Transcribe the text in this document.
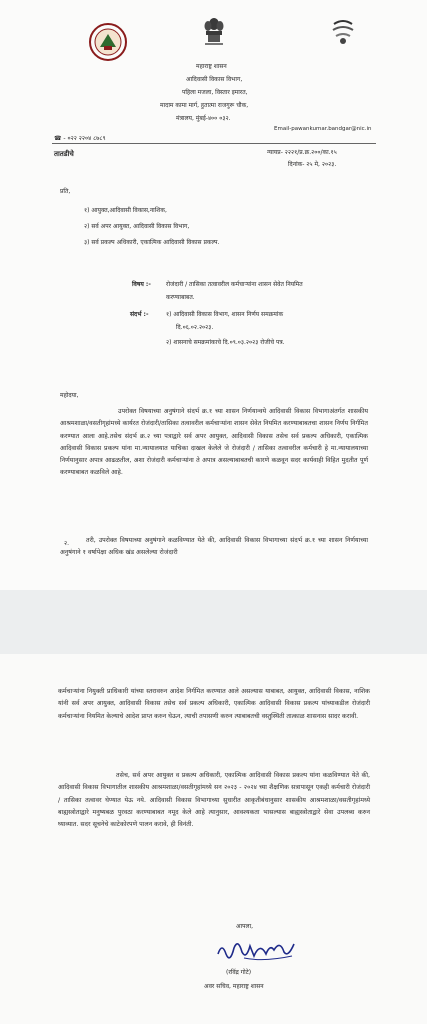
महाराष्ट्र शासन
आदिवासी विकास विभाग,
पहिला मजला, विस्तार इमारत,
मादाम कामा मार्ग, हुतात्मा राजगुरू चौक,
मंत्रालय, मुंबई-४०० ०३२.
Email-pawankumar.bandgar@nic.in
☎ - ०२२ २२०४ ८७८९
तातडीचे	न्यायप्र- २२२१/प्र.क्र.२००/का.१५
दिनांक- २५ मे, २०२३.
प्रति,
१) आयुक्त,आदिवासी विकास,नाशिक,
२) सर्व अपर आयुक्त, आदिवासी विकास विभाग,
३) सर्व प्रकल्प अधिकारी, एकात्मिक आदिवासी विकास प्रकल्प.
विषय :-	रोजंदारी / तासिका तत्वावरील कर्मचाऱ्यांना शासन सेवेत नियमित
करण्याबाबत.
संदर्भ :-	१) आदिवासी विकास विभाग, शासन निर्णय समक्रमांक
दि.०६.०२.२०२३.
२) शासनाचे समक्रमांकाचे दि.०९.०३.२०२३ रोजीचे पत्र.
महोदया,
उपरोक्त विषयाच्या अनुषंगाने संदर्भ क्र.१ च्या शासन निर्णयान्वये आदिवासी विकास विभागाअंतर्गत शासकीय आश्रमशाळा/वसतीगृहांमध्ये कार्यरत रोजंदारी/तासिका तत्वावरील कर्मचाऱ्यांना शासन सेवेत नियमित करण्याबाबतचा शासन निर्णय निर्गमित करण्यात आला आहे.तसेच संदर्भ क्र.२ च्या पत्राद्वारे सर्व अपर आयुक्त, आदिवासी विकास तसेच सर्व प्रकल्प अधिकारी, एकात्मिक आदिवासी विकास प्रकल्प यांना मा.न्यायालयात याचिका दाखल केलेले जे रोजंदारी / तासिका तत्वावरील कर्मचारी हे मा.न्यायालयाच्या निर्णयानुसार अपात्र आढळतील, अशा रोजंदारी कर्मचाऱ्यांना ते अपात्र असल्याबाबतची कारणे कळवून सदर कार्यवाही विहित मुदतीत पूर्ण करण्याबाबत कळविले आहे.
२.	तरी, उपरोक्त विषयाच्या अनुषंगाने कळविण्यात येते की, आदिवासी विकास विभागाच्या संदर्भ क्र.१ च्या शासन निर्णयाच्या अनुषंगाने १ वर्षापेक्षा अधिक खंड असलेल्या रोजंदारी
कर्मचाऱ्यांना नियुक्ती प्राधिकारी यांच्या स्तरावरुन आदेश निर्गमित करण्यात आले असल्यास याबाबत, आयुक्त, आदिवासी विकास, नाशिक यांनी सर्व अपर आयुक्त, आदिवासी विकास तसेच सर्व प्रकल्प अधिकारी, एकात्मिक आदिवासी विकास प्रकल्प यांच्याकडील रोजंदारी कर्मचाऱ्यांना नियमित केल्याचे आदेश प्राप्त करुन घेऊन, त्याची तपासणी करुन त्याबाबतची वस्तुस्थिती तात्काळ शासनास सादर करावी.
तसेच, सर्व अपर आयुक्त व प्रकल्प अधिकारी, एकात्मिक आदिवासी विकास प्रकल्प यांना कळविण्यात येते की, आदिवासी विकास विभागातील शासकीय आश्रमशाळा/वसतीगृहांमध्ये सन २०२३ - २०२४ च्या शैक्षणिक सत्रापासून एकही कर्मचारी रोजंदारी / तासिका तत्वावर घेण्यात येऊ नये. आदिवासी विकास विभागाच्या सुधारीत आकृतीबंधानुसार शासकीय आश्रमशाळा/वसतीगृहांमध्ये बाह्यस्त्रोताद्वारे मनुष्यबळ पुरवठा करण्याबाबत नमूद केले आहे त्यानुसार, आवश्यकता भासल्यास बाह्यस्त्रोताद्वारे सेवा उपलब्ध करुन घ्याव्यात. सदर सूचनेचे काटेकोरपणे पालन करावे, ही विनंती.
आपला,
(रविंद्र गोटे)
अवर सचिव, महाराष्ट्र शासन
